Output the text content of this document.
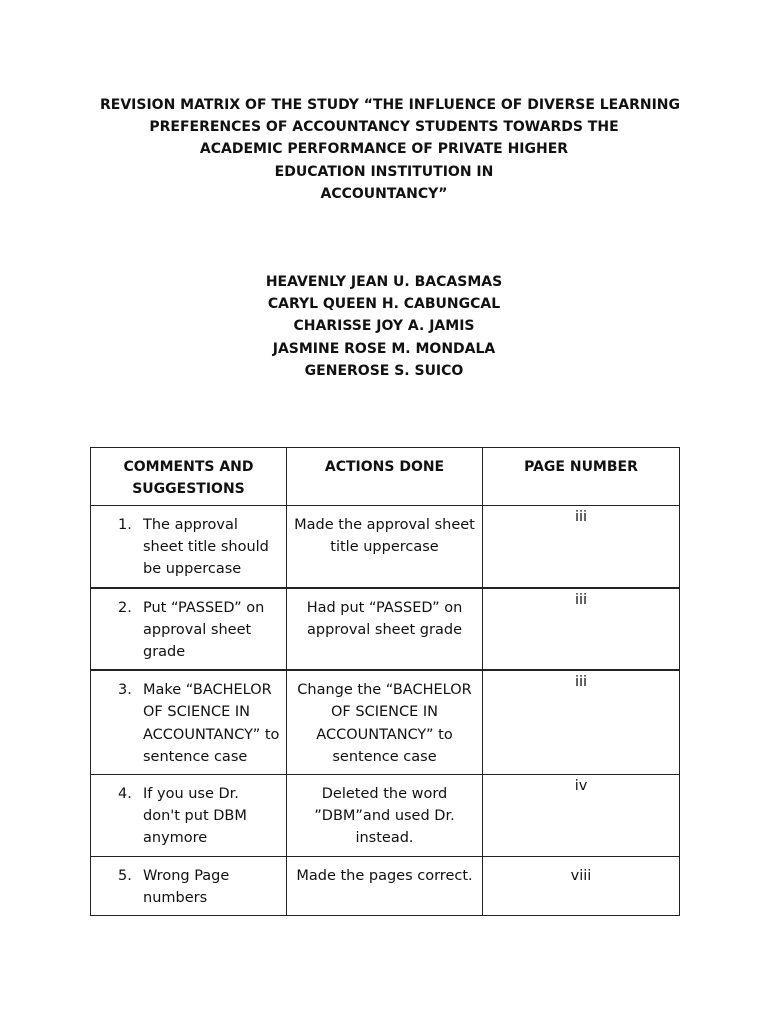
REVISION MATRIX OF THE STUDY “THE INFLUENCE OF DIVERSE LEARNING
PREFERENCES OF ACCOUNTANCY STUDENTS TOWARDS THE
ACADEMIC PERFORMANCE OF PRIVATE HIGHER
EDUCATION INSTITUTION IN
ACCOUNTANCY”
HEAVENLY JEAN U. BACASMAS
CARYL QUEEN H. CABUNGCAL
CHARISSE JOY A. JAMIS
JASMINE ROSE M. MONDALA
GENEROSE S. SUICO
COMMENTS AND SUGGESTIONS	ACTIONS DONE	PAGE NUMBER

1. The approval sheet title should be uppercase	Made the approval sheet title uppercase	iii

2. Put “PASSED” on approval sheet grade	Had put “PASSED” on approval sheet grade	iii

3. Make “BACHELOR OF SCIENCE IN ACCOUNTANCY” to sentence case	Change the “BACHELOR OF SCIENCE IN ACCOUNTANCY” to sentence case	iii

4. If you use Dr. don't put DBM anymore	Deleted the word ”DBM”and used Dr. instead.	iv

5. Wrong Page numbers	Made the pages correct.	viii
